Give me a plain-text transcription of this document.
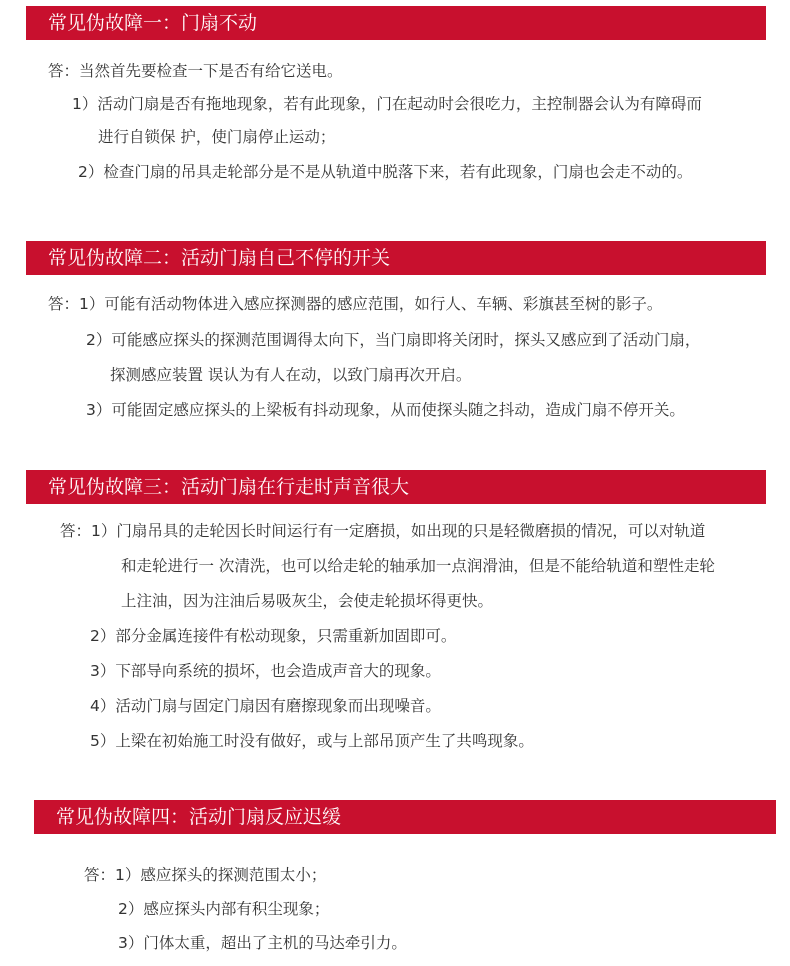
常见伪故障一：门扇不动
答：当然首先要检查一下是否有给它送电。
1）活动门扇是否有拖地现象，若有此现象，门在起动时会很吃力，主控制器会认为有障碍而
进行自锁保 护，使门扇停止运动；
2）检查门扇的吊具走轮部分是不是从轨道中脱落下来，若有此现象，门扇也会走不动的。
常见伪故障二：活动门扇自己不停的开关
答：1）可能有活动物体进入感应探测器的感应范围，如行人、车辆、彩旗甚至树的影子。
2）可能感应探头的探测范围调得太向下，当门扇即将关闭时，探头又感应到了活动门扇，
探测感应装置 误认为有人在动，以致门扇再次开启。
3）可能固定感应探头的上梁板有抖动现象，从而使探头随之抖动，造成门扇不停开关。
常见伪故障三：活动门扇在行走时声音很大
答：1）门扇吊具的走轮因长时间运行有一定磨损，如出现的只是轻微磨损的情况，可以对轨道
和走轮进行一 次清洗，也可以给走轮的轴承加一点润滑油，但是不能给轨道和塑性走轮
上注油，因为注油后易吸灰尘，会使走轮损坏得更快。
2）部分金属连接件有松动现象，只需重新加固即可。
3）下部导向系统的损坏，也会造成声音大的现象。
4）活动门扇与固定门扇因有磨擦现象而出现噪音。
5）上梁在初始施工时没有做好，或与上部吊顶产生了共鸣现象。
常见伪故障四：活动门扇反应迟缓
答：1）感应探头的探测范围太小；
2）感应探头内部有积尘现象；
3）门体太重，超出了主机的马达牵引力。
